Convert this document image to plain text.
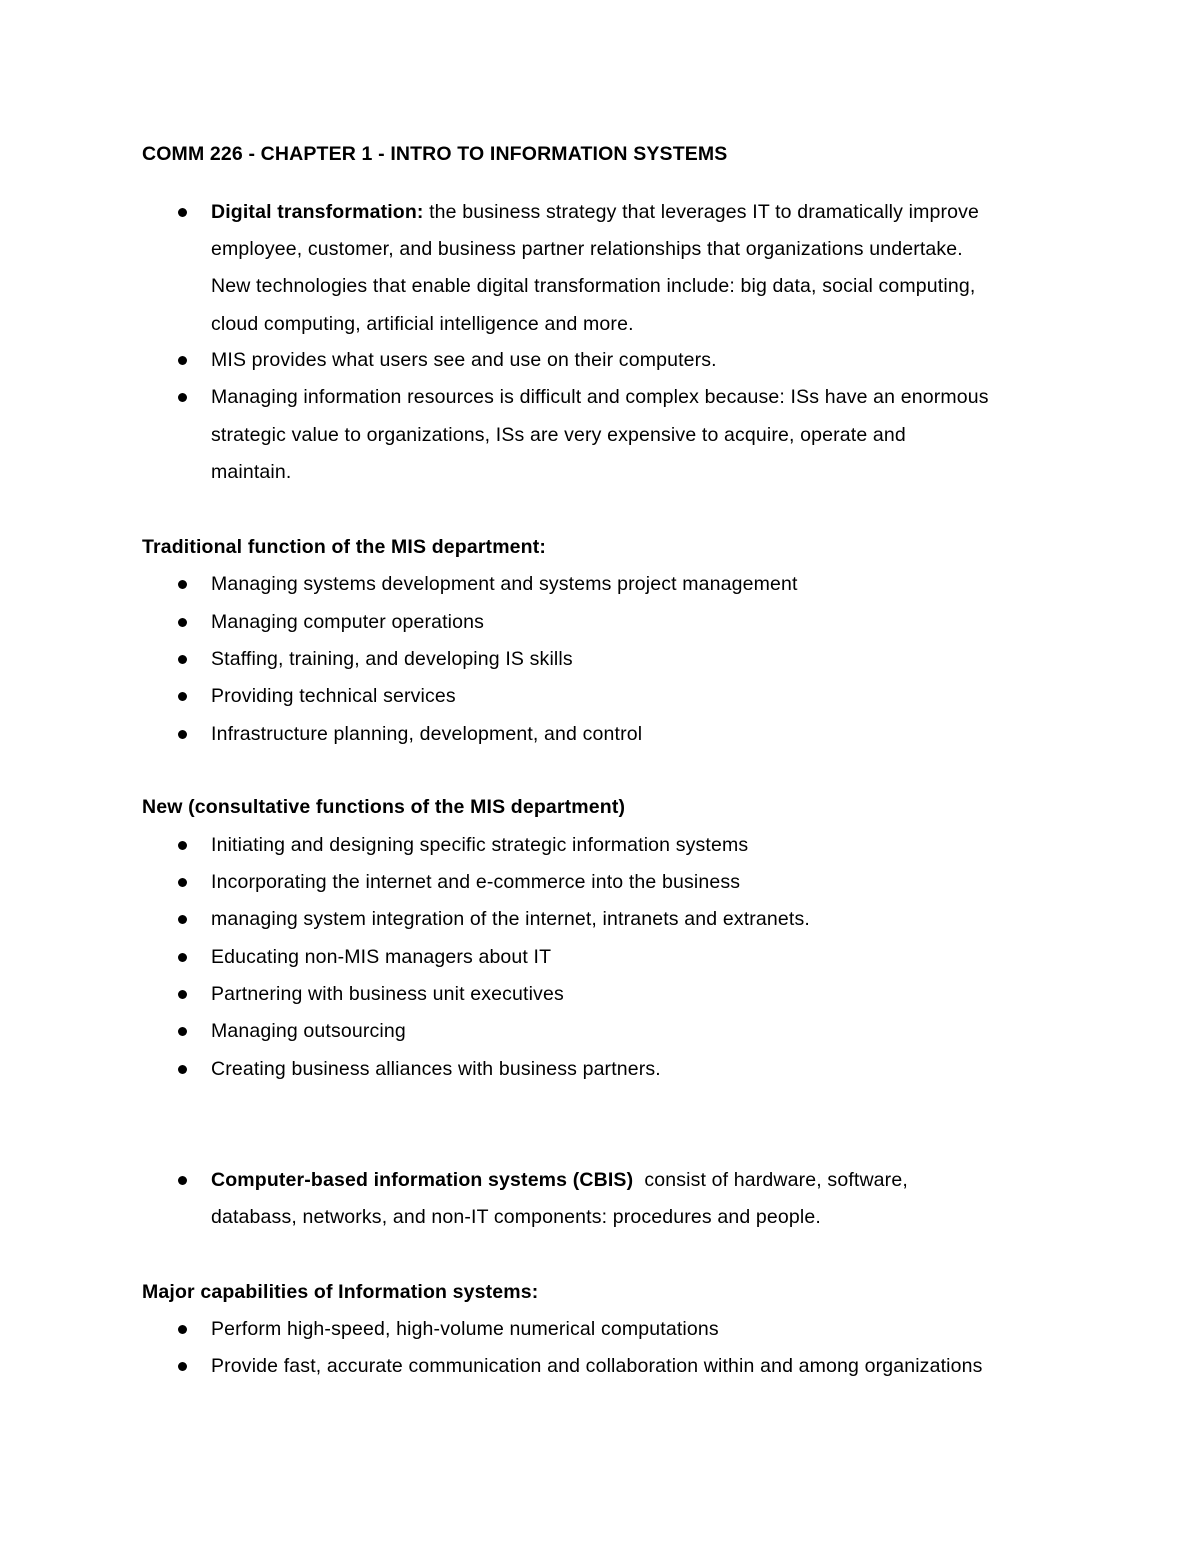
COMM 226 - CHAPTER 1 - INTRO TO INFORMATION SYSTEMS
Digital transformation: the business strategy that leverages IT to dramatically improve
employee, customer, and business partner relationships that organizations undertake.
New technologies that enable digital transformation include: big data, social computing,
cloud computing, artificial intelligence and more.
MIS provides what users see and use on their computers.
Managing information resources is difficult and complex because: ISs have an enormous
strategic value to organizations, ISs are very expensive to acquire, operate and
maintain.
Traditional function of the MIS department:
Managing systems development and systems project management
Managing computer operations
Staffing, training, and developing IS skills
Providing technical services
Infrastructure planning, development, and control
New (consultative functions of the MIS department)
Initiating and designing specific strategic information systems
Incorporating the internet and e-commerce into the business
managing system integration of the internet, intranets and extranets.
Educating non-MIS managers about IT
Partnering with business unit executives
Managing outsourcing
Creating business alliances with business partners.
Computer-based information systems (CBIS)  consist of hardware, software,
databass, networks, and non-IT components: procedures and people.
Major capabilities of Information systems:
Perform high-speed, high-volume numerical computations
Provide fast, accurate communication and collaboration within and among organizations
